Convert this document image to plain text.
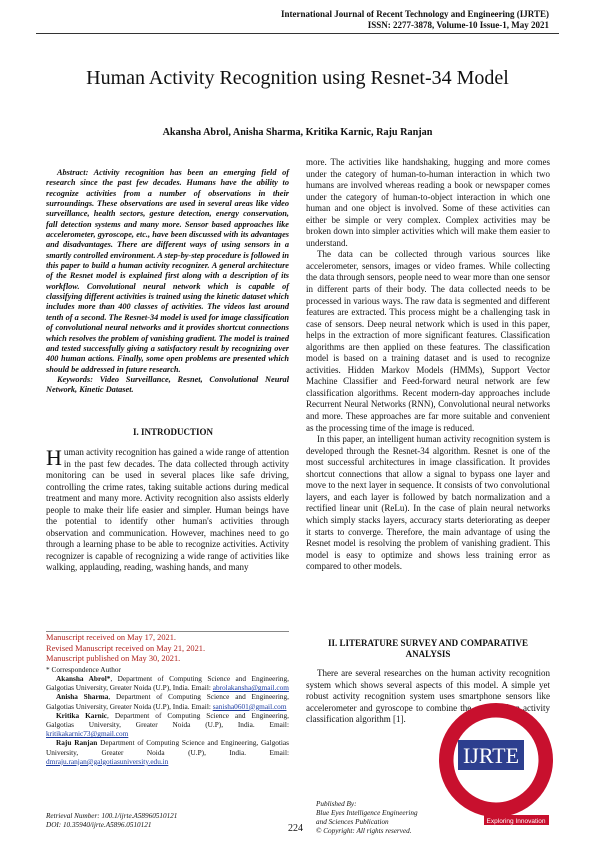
International Journal of Recent Technology and Engineering (IJRTE)
ISSN: 2277-3878, Volume-10 Issue-1, May 2021
Human Activity Recognition using Resnet-34 Model
Akansha Abrol, Anisha Sharma, Kritika Karnic, Raju Ranjan

Abstract: Activity recognition has been an emerging field of research since the past few decades. Humans have the ability to recognize activities from a number of observations in their surroundings. These observations are used in several areas like video surveillance, health sectors, gesture detection, energy conservation, fall detection systems and many more. Sensor based approaches like accelerometer, gyroscope, etc., have been discussed with its advantages and disadvantages. There are different ways of using sensors in a smartly controlled environment. A step-by-step procedure is followed in this paper to build a human activity recognizer. A general architecture of the Resnet model is explained first along with a description of its workflow. Convolutional neural network which is capable of classifying different activities is trained using the kinetic dataset which includes more than 400 classes of activities. The videos last around tenth of a second. The Resnet-34 model is used for image classification of convolutional neural networks and it provides shortcut connections which resolves the problem of vanishing gradient. The model is trained and tested successfully giving a satisfactory result by recognizing over 400 human actions. Finally, some open problems are presented which should be addressed in future research.

Keywords: Video Surveillance, Resnet, Convolutional Neural Network, Kinetic Dataset.

I. INTRODUCTION

Human activity recognition has gained a wide range of attention in the past few decades. The data collected through activity monitoring can be used in several places like safe driving, controlling the crime rates, taking suitable actions during medical treatment and many more. Activity recognition also assists elderly people to make their life easier and simpler. Human beings have the potential to identify other human's activities through observation and communication. However, machines need to go through a learning phase to be able to recognize activities. Activity recognizer is capable of recognizing a wide range of activities like walking, applauding, reading, washing hands, and many

Manuscript received on May 17, 2021.
Revised Manuscript received on May 21, 2021.
Manuscript published on May 30, 2021.
* Correspondence Author
Akansha Abrol*, Department of Computing Science and Engineering, Galgotias University, Greater Noida (U.P), India. Email: abrolakansha@gmail.com
Anisha Sharma, Department of Computing Science and Engineering, Galgotias University, Greater Noida (U.P), India. Email: sanisha0601@gmail.com
Kritika Karnic, Department of Computing Science and Engineering, Galgotias University, Greater Noida (U.P), India. Email: kritikakarnic73@gmail.com
Raju Ranjan Department of Computing Science and Engineering, Galgotias University, Greater Noida (U.P), India. Email: dmraju.ranjan@galgotiasuniversity.edu.in

more. The activities like handshaking, hugging and more comes under the category of human-to-human interaction in which two humans are involved whereas reading a book or newspaper comes under the category of human-to-object interaction in which one human and one object is involved. Some of these activities can either be simple or very complex. Complex activities may be broken down into simpler activities which will make them easier to understand.

The data can be collected through various sources like accelerometer, sensors, images or video frames. While collecting the data through sensors, people need to wear more than one sensor in different parts of their body. The data collected needs to be processed in various ways. The raw data is segmented and different features are extracted. This process might be a challenging task in case of sensors. Deep neural network which is used in this paper, helps in the extraction of more significant features. Classification algorithms are then applied on these features. The classification model is based on a training dataset and is used to recognize activities. Hidden Markov Models (HMMs), Support Vector Machine Classifier and Feed-forward neural network are few classification algorithms. Recent modern-day approaches include Recurrent Neural Networks (RNN), Convolutional neural networks and more. These approaches are far more suitable and convenient as the processing time of the image is reduced.

In this paper, an intelligent human activity recognition system is developed through the Resnet-34 algorithm. Resnet is one of the most successful architectures in image classification. It provides shortcut connections that allow a signal to bypass one layer and move to the next layer in sequence. It consists of two convolutional layers, and each layer is followed by batch normalization and a rectified linear unit (ReLu). In the case of plain neural networks which simply stacks layers, accuracy starts deteriorating as deeper it starts to converge. Therefore, the main advantage of using the Resnet model is resolving the problem of vanishing gradient. This model is easy to optimize and shows less training error as compared to other models.

II. LITERATURE SURVEY AND COMPARATIVE ANALYSIS

There are several researches on the human activity recognition system which shows several aspects of this model. A simple yet robust activity recognition system uses smartphone sensors like accelerometer and gyroscope to combine the output of an activity classification algorithm [1].

Retrieval Number: 100.1/ijrte.A58960510121
DOI: 10.35940/ijrte.A5896.0510121	224
Published By:
Blue Eyes Intelligence Engineering
and Sciences Publication
© Copyright: All rights reserved.
IJRTE
Exploring Innovation
